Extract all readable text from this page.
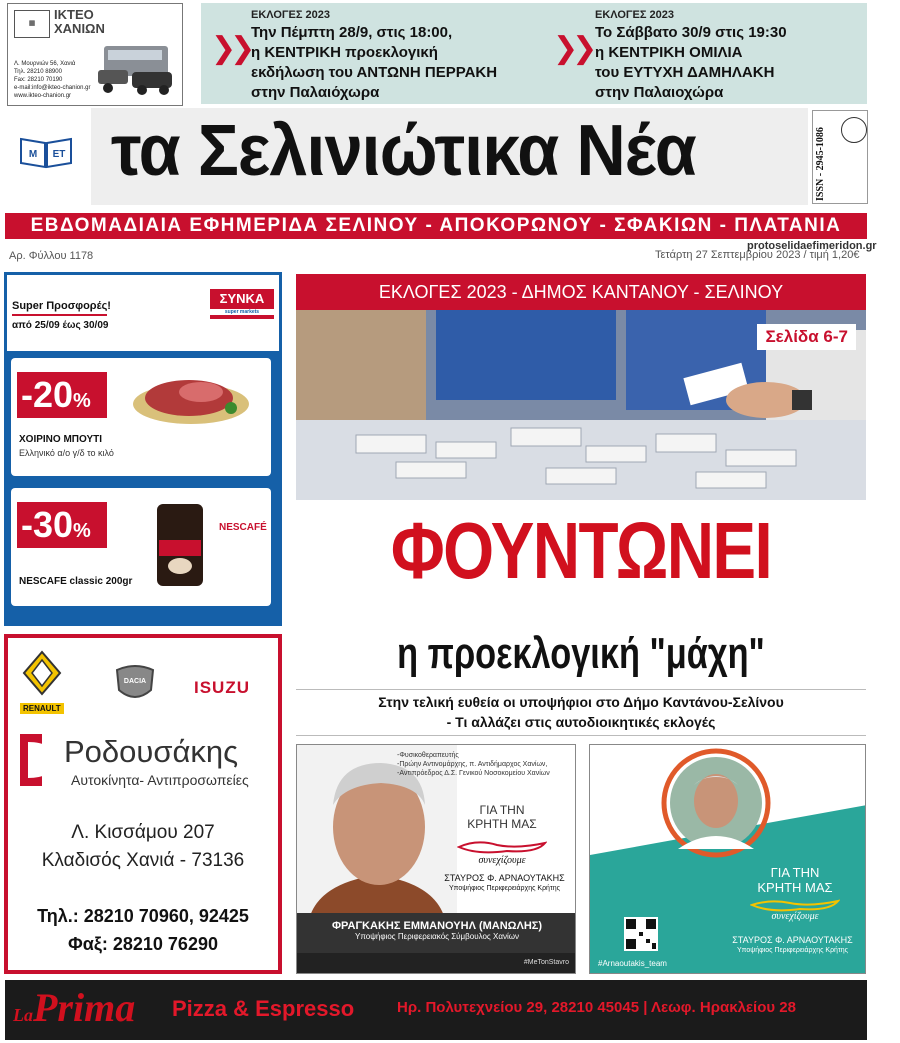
▦
ΙΚΤΕΟ
ΧΑΝΙΩΝ
Λ. Μουρνιών 56, Χανιά
Τηλ. 28210 88900
Fax: 28210 70190
e-mail:info@ikteo-chanion.gr
www.ikteo-chanion.gr
❯❯
ΕΚΛΟΓΕΣ 2023
Την Πέμπτη 28/9, στις 18:00,
η ΚΕΝΤΡΙΚΗ προεκλογική
εκδήλωση του ΑΝΤΩΝΗ ΠΕΡΡΑΚΗ
στην Παλαιόχωρα
❯❯
ΕΚΛΟΓΕΣ 2023
Το Σάββατο 30/9 στις 19:30
η ΚΕΝΤΡΙΚΗ ΟΜΙΛΙΑ
του ΕΥΤΥΧΗ ΔΑΜΗΛΑΚΗ
στην Παλαιοχώρα
Μ ΕΤ τα Σελινιώτικα Νέα	ISSN - 2945-1086
ΕΒΔΟΜΑΔΙΑΙΑ ΕΦΗΜΕΡΙΔΑ ΣΕΛΙΝΟΥ - ΑΠΟΚΟΡΩΝΟΥ - ΣΦΑΚΙΩΝ - ΠΛΑΤΑΝΙΑ
Αρ. Φύλλου 1178	Τετάρτη 27 Σεπτεμβρίου 2023 / τιμή 1,20€
protoselidaefimeridon.gr
Super Προσφορές!
από 25/09 έως 30/09
ΣΥΝΚΑ
super markets
-20%
ΧΟΙΡΙΝΟ ΜΠΟΥΤΙ
Ελληνικό α/ο γ/δ το κιλό
-30%	NESCAFÉ
NESCAFE classic 200gr
RENAULT
DACIA	ISUZU
Ροδουσάκης
Αυτοκίνητα- Αντιπροσωπείες
Λ. Κισσάμου 207
Κλαδισός Χανιά - 73136
Τηλ.: 28210 70960, 92425
Φαξ: 28210 76290
ΕΚΛΟΓΕΣ 2023 - ΔΗΜΟΣ ΚΑΝΤΑΝΟΥ - ΣΕΛΙΝΟΥ
Σελίδα 6-7
ΦΟΥΝΤΩΝΕΙ
η προεκλογική "μάχη"
Στην τελική ευθεία οι υποψήφιοι στο Δήμο Καντάνου-Σελίνου
- Τι αλλάζει στις αυτοδιοικητικές εκλογές
-Φυσικοθεραπευτής
-Πρώην Αντινομάρχης, π. Αντιδήμαρχος Χανίων,
-Αντιπρόεδρος Δ.Σ. Γενικού Νοσοκομείου Χανίων
ΓΙΑ ΤΗΝ
ΚΡΗΤΗ ΜΑΣ
συνεχίζουμε
ΣΤΑΥΡΟΣ Φ. ΑΡΝΑΟΥΤΑΚΗΣ
Υποψήφιος Περιφερειάρχης Κρήτης
ΦΡΑΓΚΑΚΗΣ ΕΜΜΑΝΟΥΗΛ (ΜΑΝΩΛΗΣ)
Υποψήφιος Περιφερειακός Σύμβουλος Χανίων
#MeTonStavro
ΓΙΑ ΤΗΝ
ΚΡΗΤΗ ΜΑΣ
συνεχίζουμε
ΣΤΑΥΡΟΣ Φ. ΑΡΝΑΟΥΤΑΚΗΣ
Υποψήφιος Περιφερειάρχης Κρήτης
#Arnaoutakis_team
LaPrima Pizza & Espresso	Ηρ. Πολυτεχνείου 29, 28210 45045 | Λεωφ. Ηρακλείου 28
